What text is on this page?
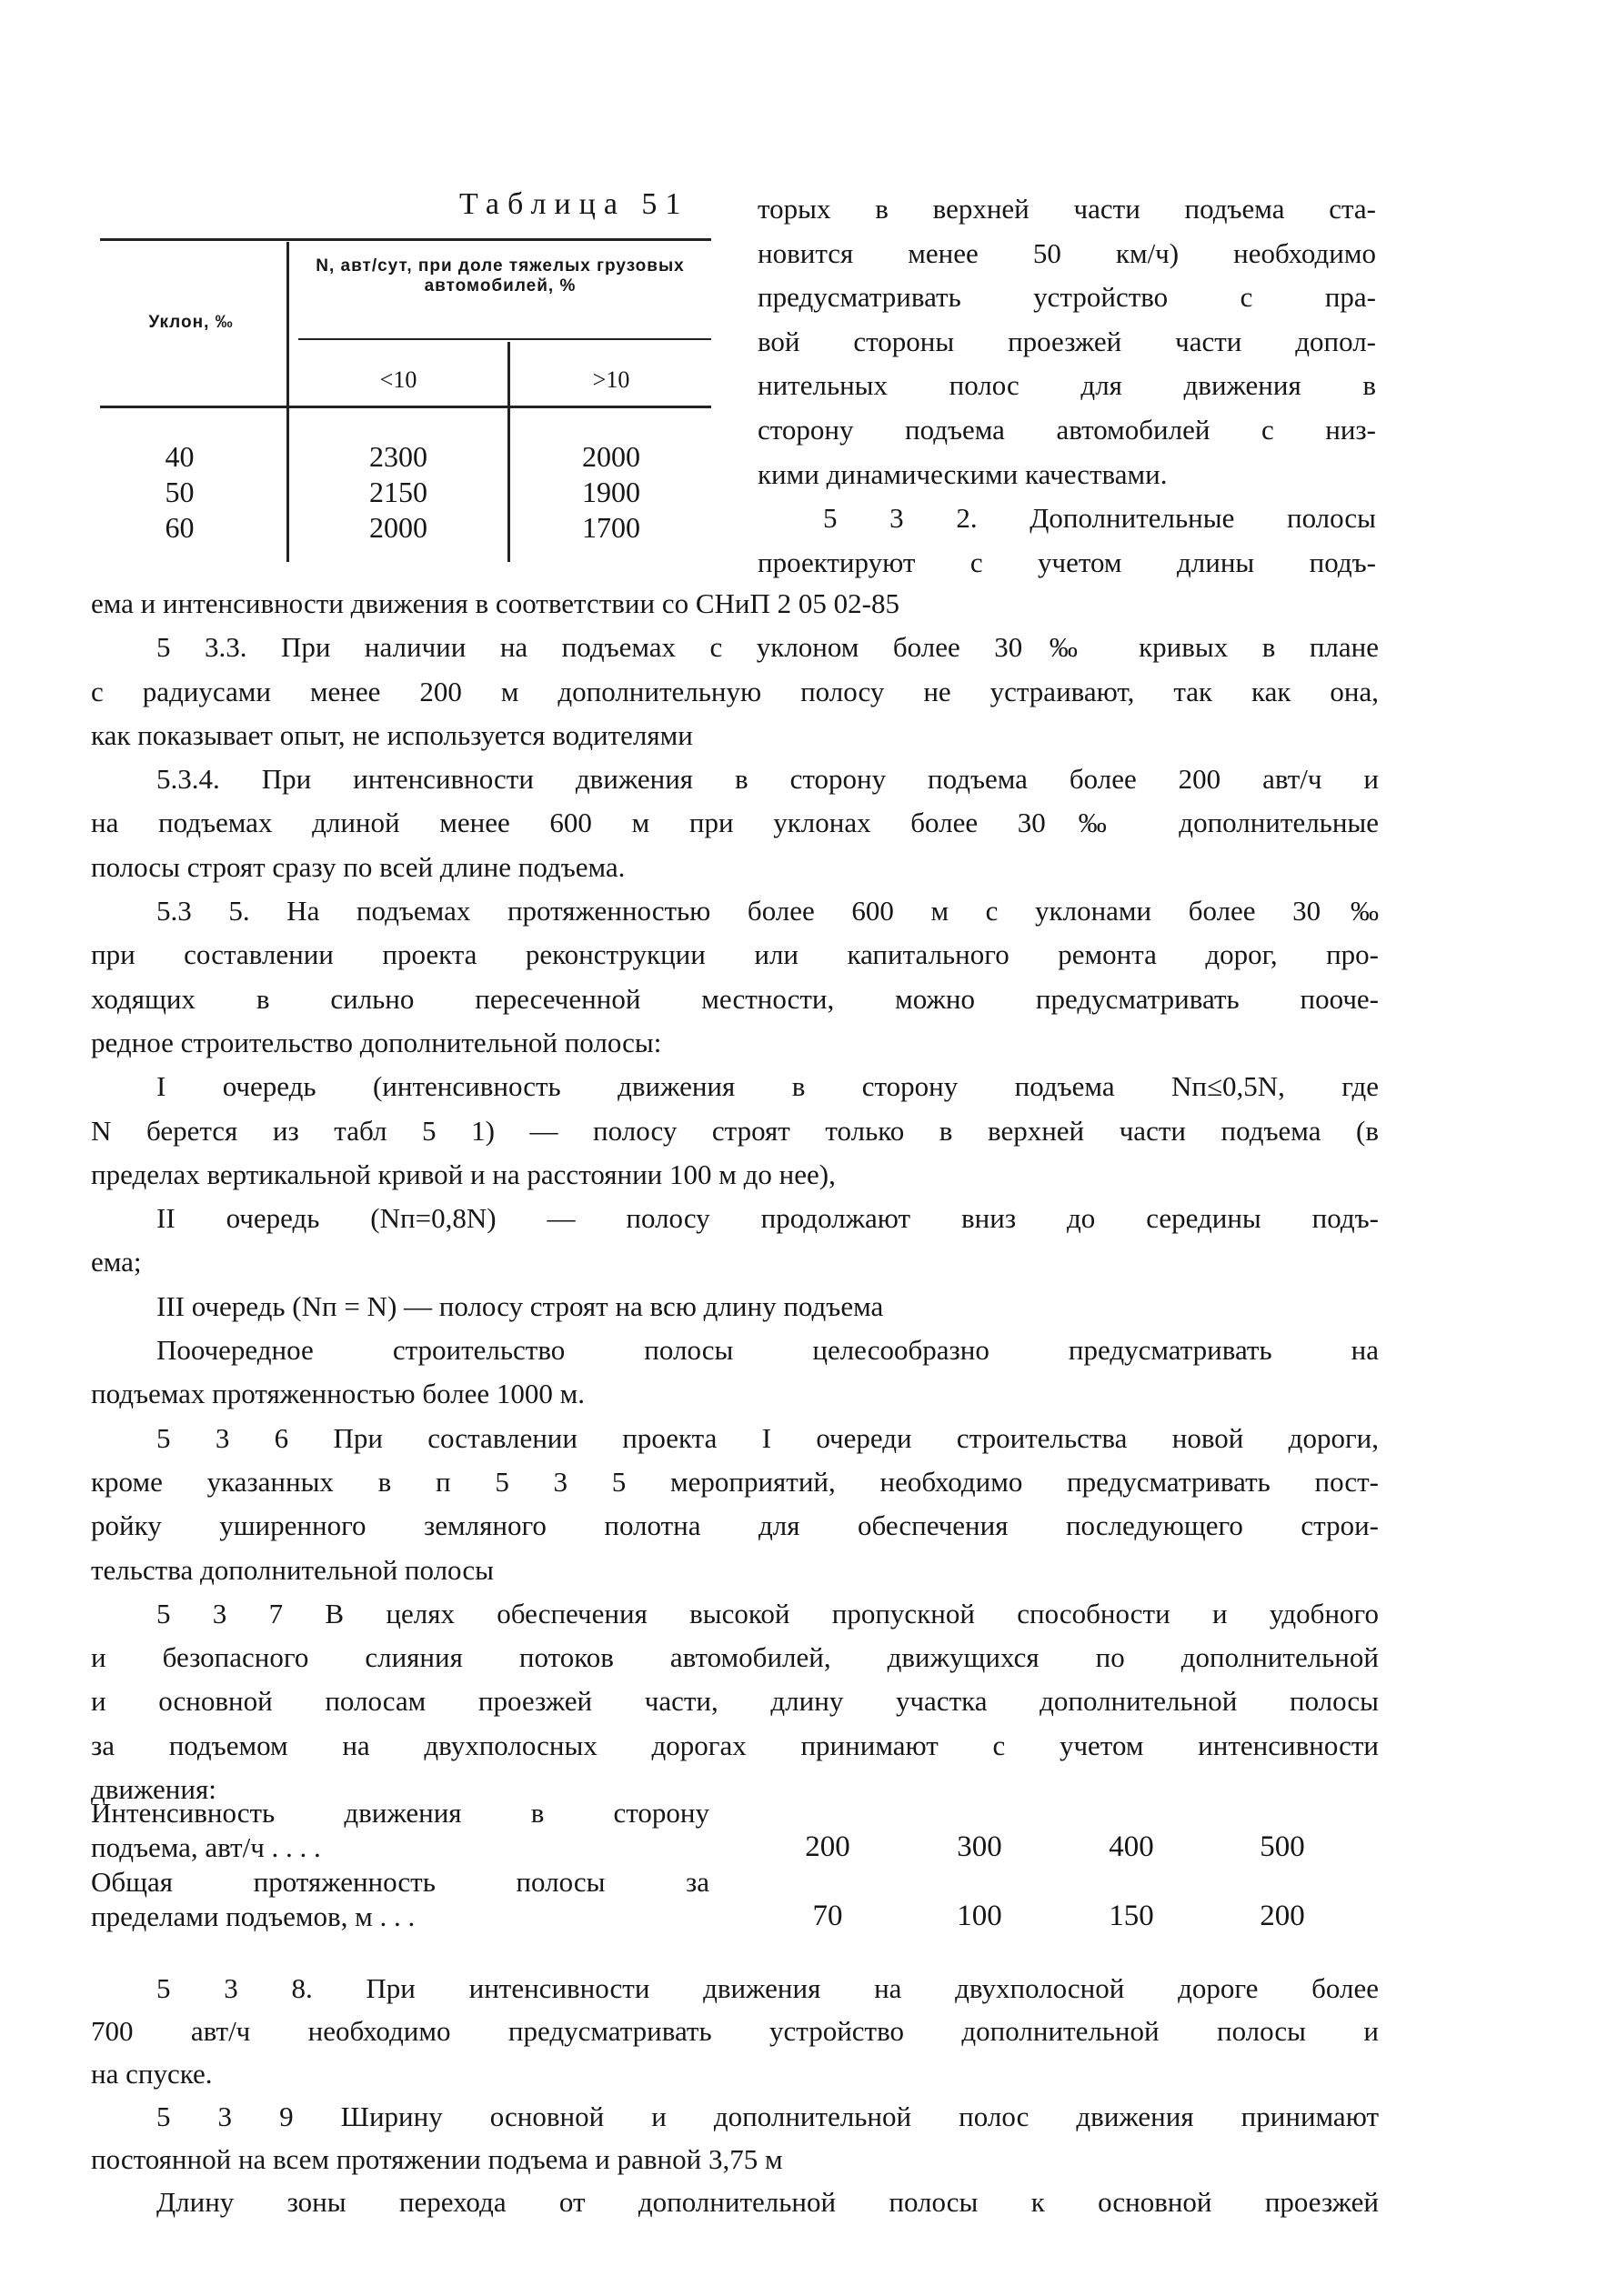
Таблица 51
Уклон, ‰
N, авт/сут, при доле тяжелых грузовых автомобилей, %
<10	>10
40	2300	2000
50	2150	1900
60	2000	1700
торых в верхней части подъема ста-
новится менее 50 км/ч) необходимо
предусматривать устройство с пра-
вой стороны проезжей части допол-
нительных полос для движения в
сторону подъема автомобилей с низ-
кими динамическими качествами.
5 3 2. Дополнительные полосы
проектируют с учетом длины подъ-
ема и интенсивности движения в соответствии со СНиП 2 05 02-85
5 3.3. При наличии на подъемах с уклоном более 30‰ кривых в плане
с радиусами менее 200 м дополнительную полосу не устраивают, так как она,
как показывает опыт, не используется водителями
5.3.4. При интенсивности движения в сторону подъема более 200 авт/ч и
на подъемах длиной менее 600 м при уклонах более 30‰ дополнительные
полосы строят сразу по всей длине подъема.
5.3 5. На подъемах протяженностью более 600 м с уклонами более 30‰
при составлении проекта реконструкции или капитального ремонта дорог, про-
ходящих в сильно пересеченной местности, можно предусматривать пооче-
редное строительство дополнительной полосы:
I очередь (интенсивность движения в сторону подъема Nп≤0,5N, где
N берется из табл 5 1) — полосу строят только в верхней части подъема (в
пределах вертикальной кривой и на расстоянии 100 м до нее),
II очередь (Nп=0,8N) — полосу продолжают вниз до середины подъ-
ема;
III очередь (Nп = N) — полосу строят на всю длину подъема
Поочередное строительство полосы целесообразно предусматривать на
подъемах протяженностью более 1000 м.
5 3 6 При составлении проекта I очереди строительства новой дороги,
кроме указанных в п 5 3 5 мероприятий, необходимо предусматривать пост-
ройку уширенного земляного полотна для обеспечения последующего строи-
тельства дополнительной полосы
5 3 7 В целях обеспечения высокой пропускной способности и удобного
и безопасного слияния потоков автомобилей, движущихся по дополнительной
и основной полосам проезжей части, длину участка дополнительной полосы
за подъемом на двухполосных дорогах принимают с учетом интенсивности
движения:
Интенсивность движения в сторону
подъема, авт/ч . . . .	200	300	400	500
Общая протяженность полосы за
пределами подъемов, м . . .	70	100	150	200
5 3 8. При интенсивности движения на двухполосной дороге более
700 авт/ч необходимо предусматривать устройство дополнительной полосы и
на спуске.
5 3 9 Ширину основной и дополнительной полос движения принимают
постоянной на всем протяжении подъема и равной 3,75 м
Длину зоны перехода от дополнительной полосы к основной проезжей
